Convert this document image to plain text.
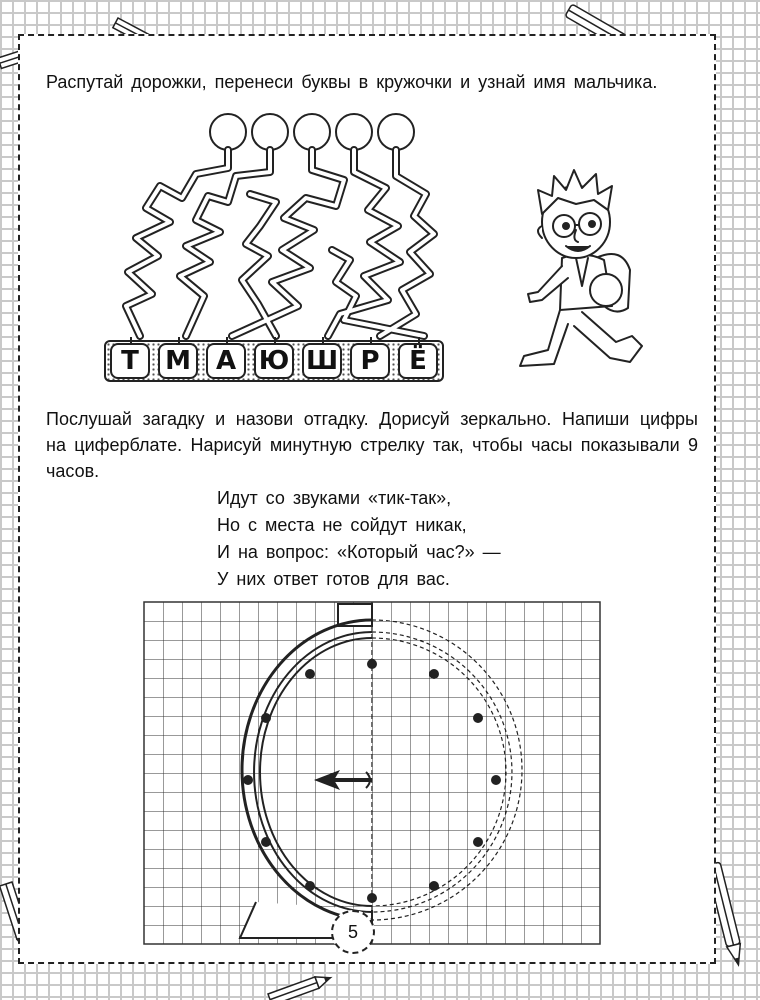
Распутай дорожки, перенеси буквы в кружочки и узнай имя мальчика.

Т	М А Ю Ш Р	Ё

Послушай загадку и назови отгадку. Дорисуй зеркально. Напиши цифры на циферблате. Нарисуй минутную стрелку так, чтобы часы показывали 9 часов.

Идут со звуками «тик-так»,
Но с места не сойдут никак,
И на вопрос: «Который час?» —
У них ответ готов для вас.
5
